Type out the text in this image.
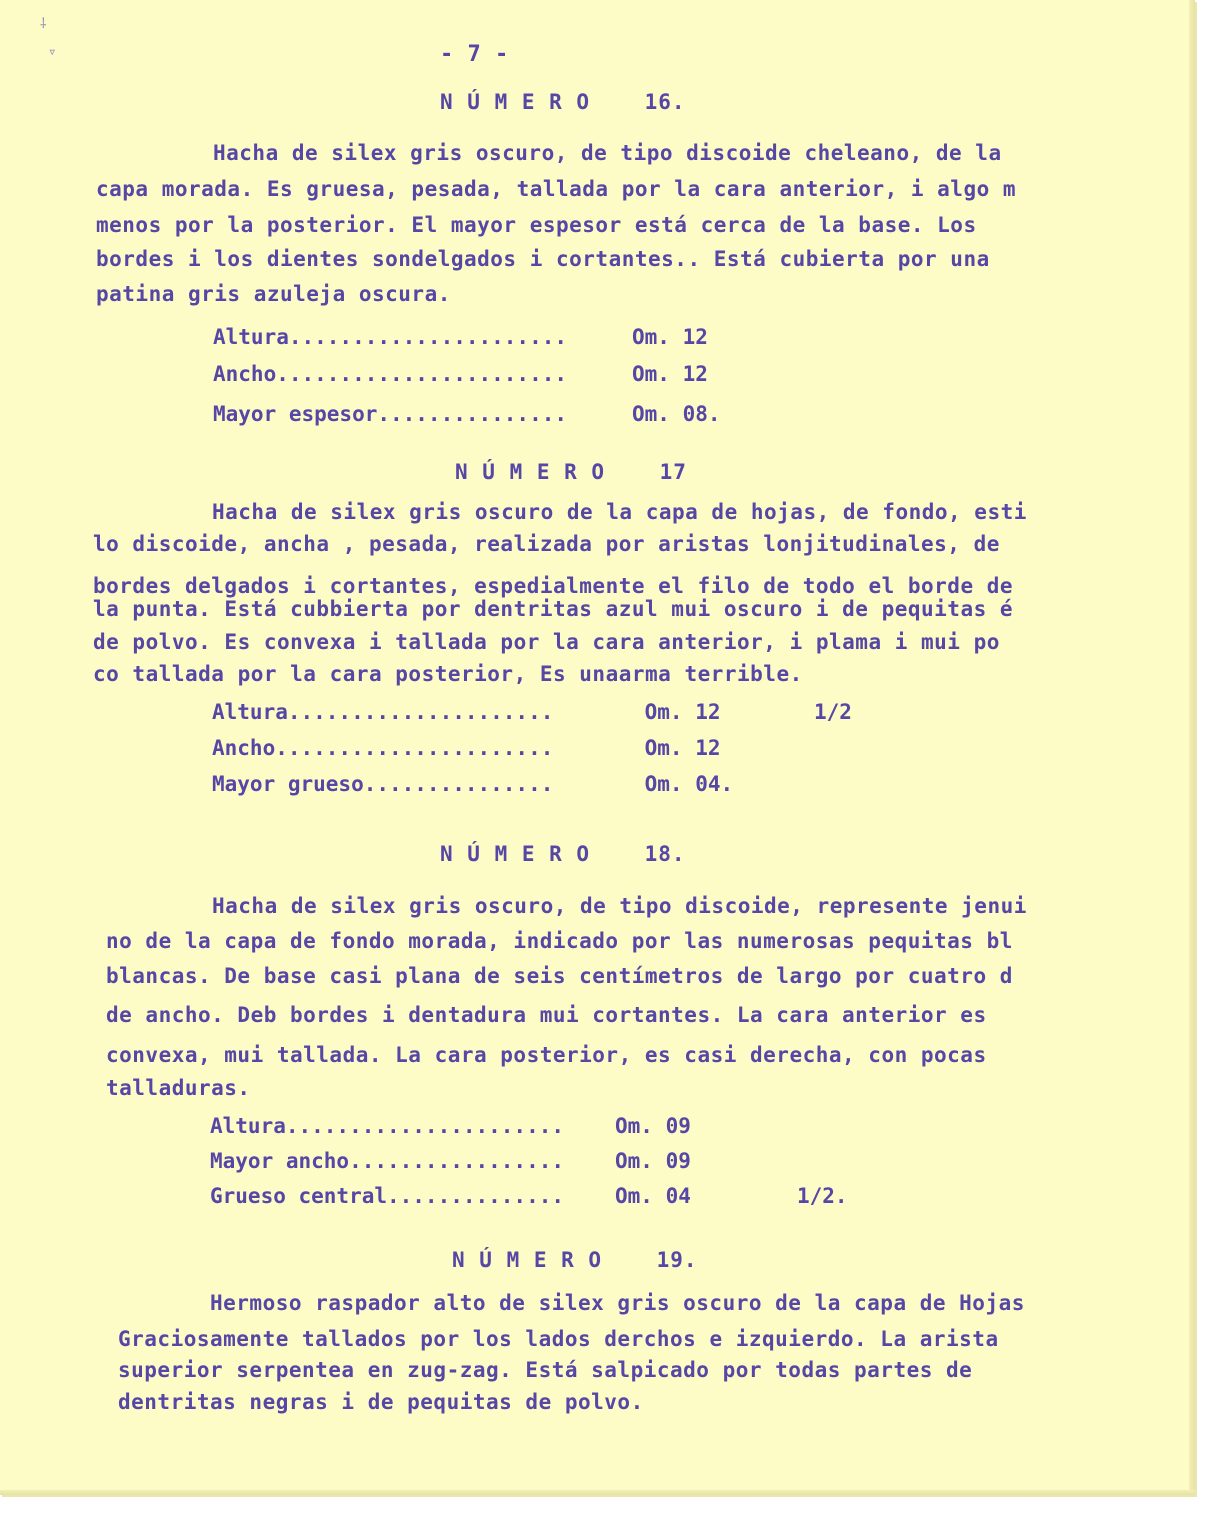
⸸
▿	- 7 -
N Ú M E R O    16.
Hacha de silex gris oscuro, de tipo discoide cheleano, de la
capa morada. Es gruesa, pesada, tallada por la cara anterior, i algo m
menos por la posterior. El mayor espesor está cerca de la base. Los
bordes i los dientes sondelgados i cortantes.. Está cubierta por una
patina gris azuleja oscura.
Altura......................	Om. 12
Ancho.......................	Om. 12
Mayor espesor...............	Om. 08.
N Ú M E R O    17
Hacha de silex gris oscuro de la capa de hojas, de fondo, esti
lo discoide, ancha , pesada, realizada por aristas lonjitudinales, de
bordes delgados i cortantes, espedialmente el filo de todo el borde de
la punta. Está cubbierta por dentritas azul mui oscuro i de pequitas é
de polvo. Es convexa i tallada por la cara anterior, i plama i mui po
co tallada por la cara posterior, Es unaarma terrible.
Altura.....................	Om. 12	1/2
Ancho......................	Om. 12
Mayor grueso...............	Om. 04.
N Ú M E R O    18.
Hacha de silex gris oscuro, de tipo discoide, represente jenui
no de la capa de fondo morada, indicado por las numerosas pequitas bl
blancas. De base casi plana de seis centímetros de largo por cuatro d
de ancho. Deb bordes i dentadura mui cortantes. La cara anterior es
convexa, mui tallada. La cara posterior, es casi derecha, con pocas
talladuras.
Altura...................... Om. 09
Mayor ancho................. Om. 09
Grueso central.............. Om. 04	1/2.
N Ú M E R O    19.
Hermoso raspador alto de silex gris oscuro de la capa de Hojas
Graciosamente tallados por los lados derchos e izquierdo. La arista
superior serpentea en zug-zag. Está salpicado por todas partes de
dentritas negras i de pequitas de polvo.
